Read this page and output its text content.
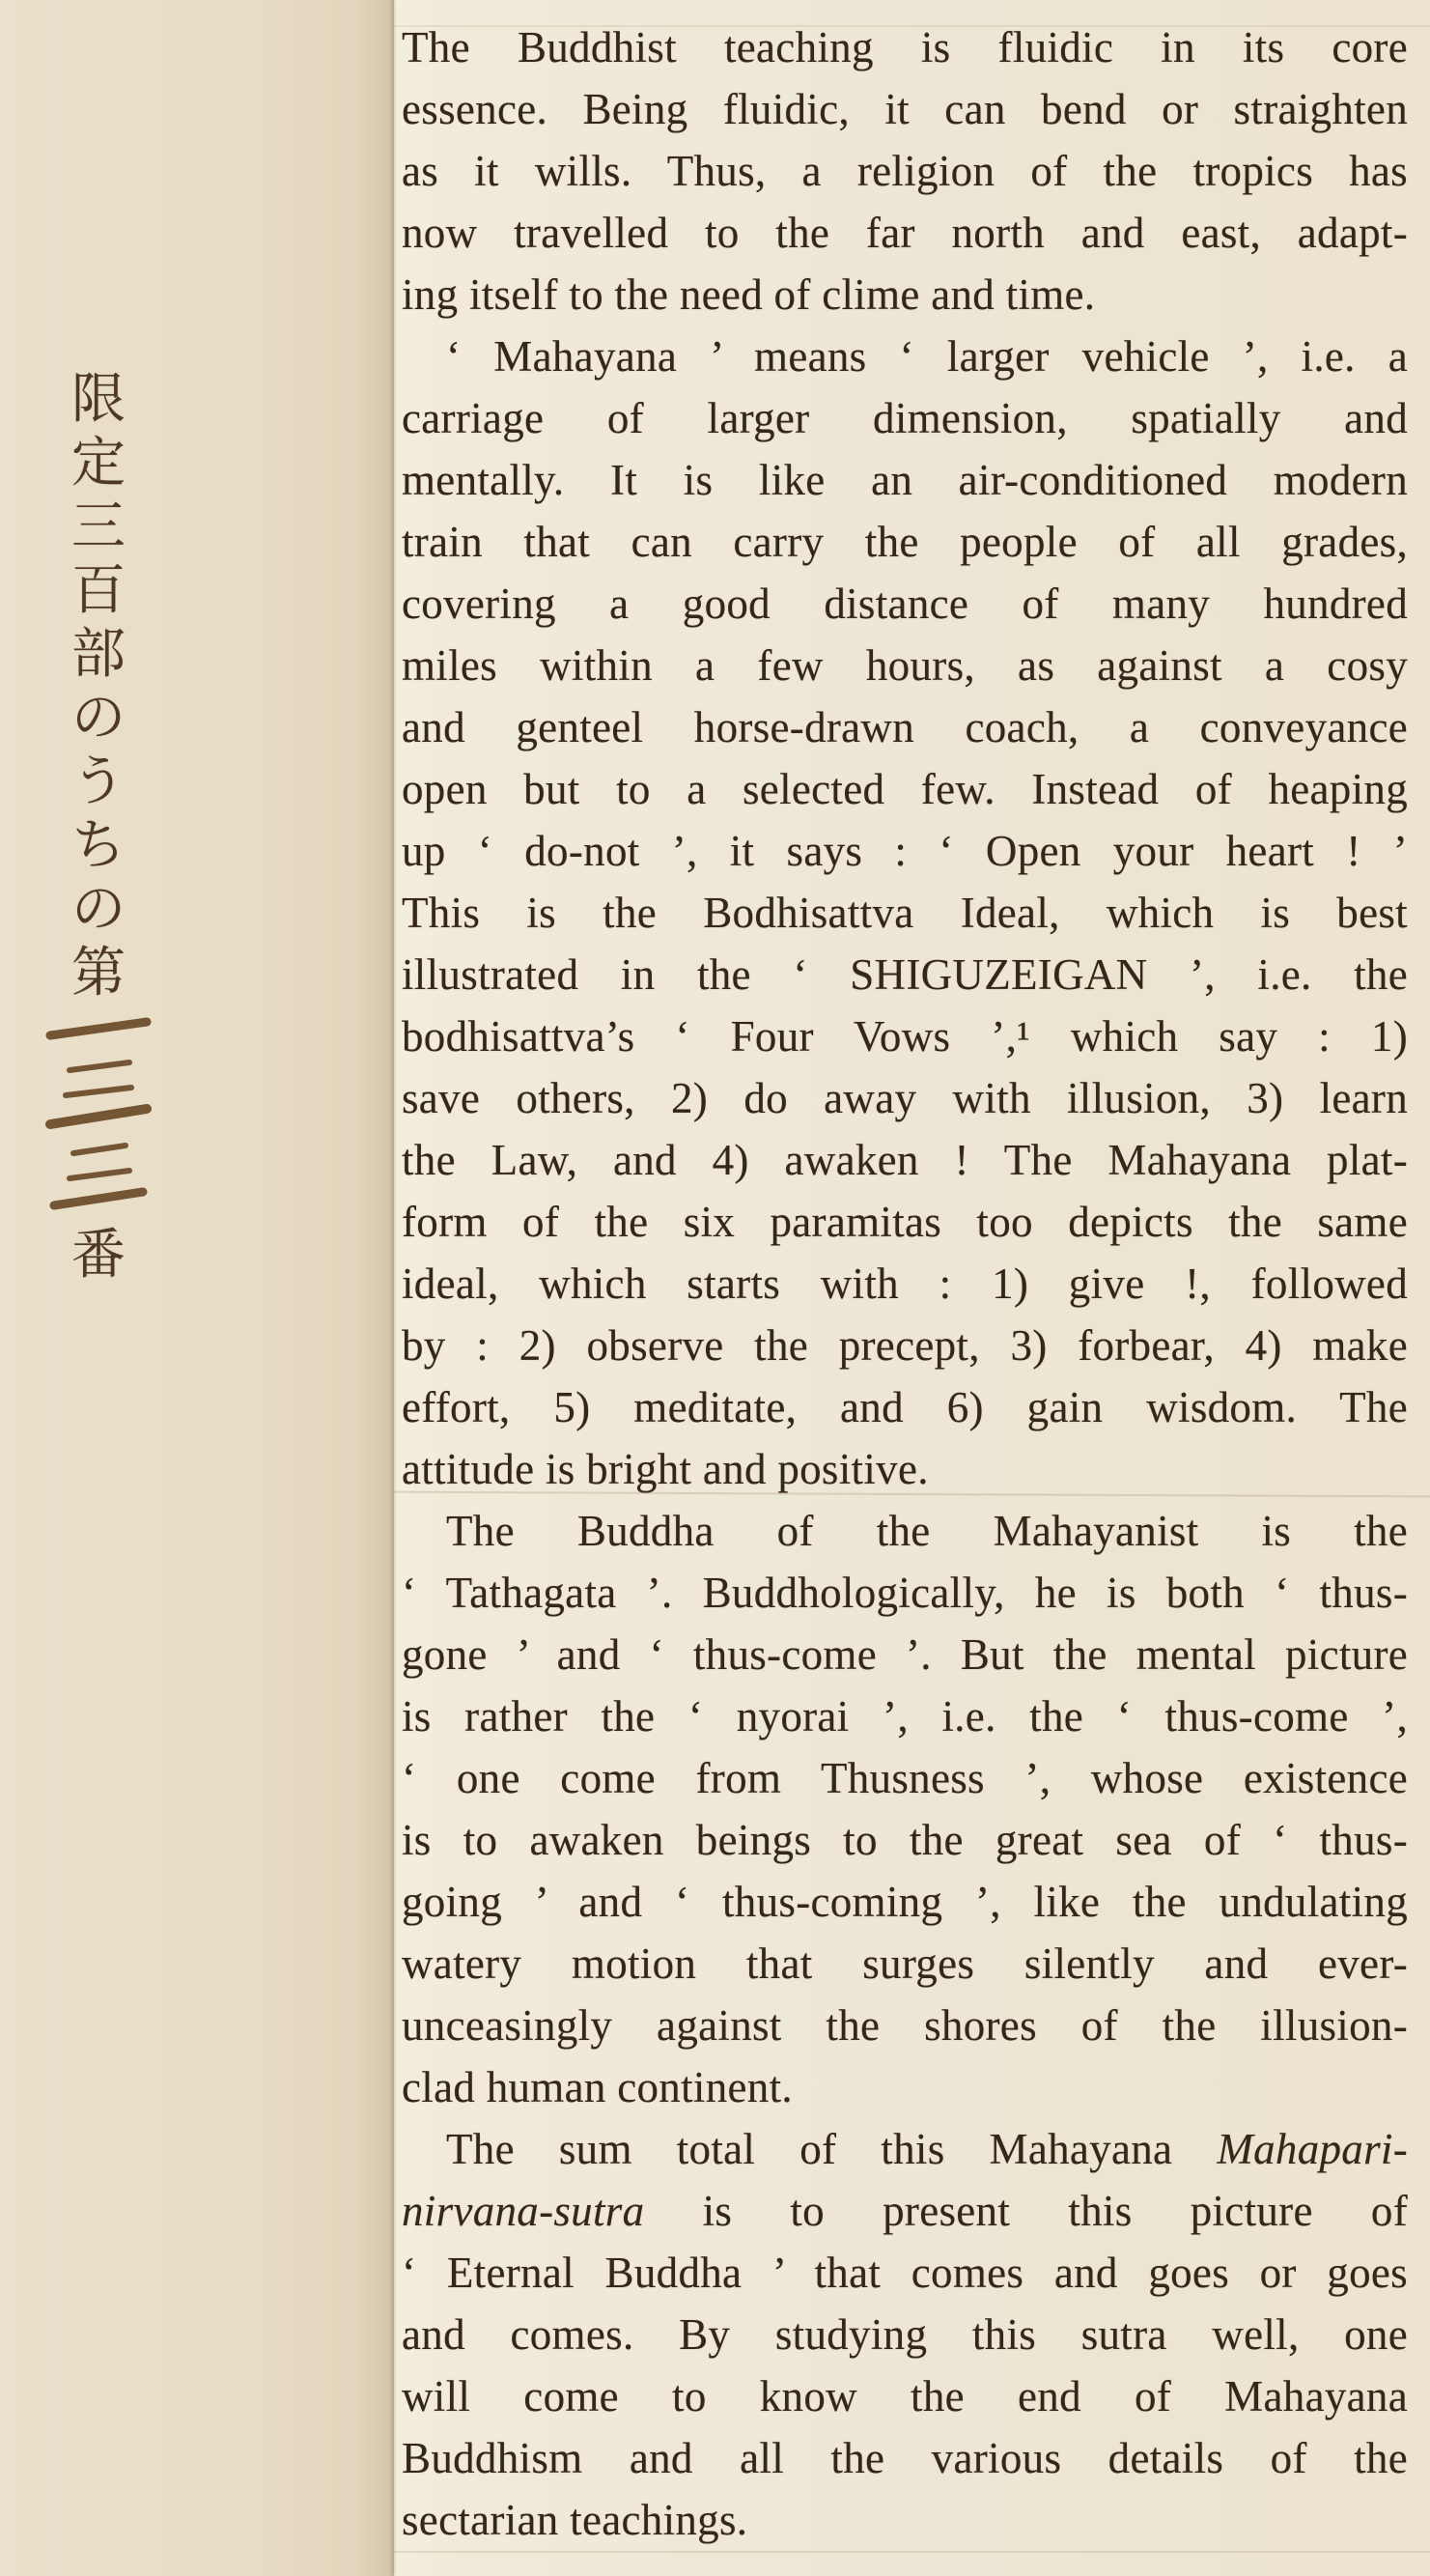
限
定
三
百
部
の
う
ち
の
第
番
The Buddhist teaching is fluidic in its core
essence. Being fluidic, it can bend or straighten
as it wills. Thus, a religion of the tropics has
now travelled to the far north and east, adapt-
ing itself to the need of clime and time.
‘ Mahayana ’ means ‘ larger vehicle ’, i.e. a
carriage of larger dimension, spatially and
mentally. It is like an air-conditioned modern
train that can carry the people of all grades,
covering a good distance of many hundred
miles within a few hours, as against a cosy
and genteel horse-drawn coach, a conveyance
open but to a selected few. Instead of heaping
up ‘ do-not ’, it says : ‘ Open your heart ! ’
This is the Bodhisattva Ideal, which is best
illustrated in the ‘ SHIGUZEIGAN ’, i.e. the
bodhisattva’s ‘ Four Vows ’,¹ which say : 1)
save others, 2) do away with illusion, 3) learn
the Law, and 4) awaken ! The Mahayana plat-
form of the six paramitas too depicts the same
ideal, which starts with : 1) give !, followed
by : 2) observe the precept, 3) forbear, 4) make
effort, 5) meditate, and 6) gain wisdom. The
attitude is bright and positive.
The Buddha of the Mahayanist is the
‘ Tathagata ’. Buddhologically, he is both ‘ thus-
gone ’ and ‘ thus-come ’. But the mental picture
is rather the ‘ nyorai ’, i.e. the ‘ thus-come ’,
‘ one come from Thusness ’, whose existence
is to awaken beings to the great sea of ‘ thus-
going ’ and ‘ thus-coming ’, like the undulating
watery motion that surges silently and ever-
unceasingly against the shores of the illusion-
clad human continent.
The sum total of this Mahayana Mahapari-
nirvana-sutra is to present this picture of
‘ Eternal Buddha ’ that comes and goes or goes
and comes. By studying this sutra well, one
will come to know the end of Mahayana
Buddhism and all the various details of the
sectarian teachings.
